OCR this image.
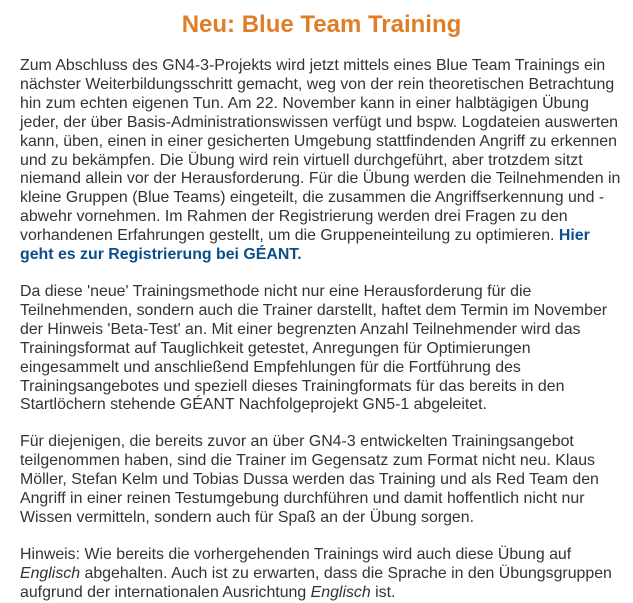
Neu: Blue Team Training

Zum Abschluss des GN4-3-Projekts wird jetzt mittels eines Blue Team Trainings ein nächster Weiterbildungsschritt gemacht, weg von der rein theoretischen Betrachtung hin zum echten eigenen Tun. Am 22. November kann in einer halbtägigen Übung jeder, der über Basis-Administrationswissen verfügt und bspw. Logdateien auswerten kann, üben, einen in einer gesicherten Umgebung stattfindenden Angriff zu erkennen und zu bekämpfen. Die Übung wird rein virtuell durchgeführt, aber trotzdem sitzt niemand allein vor der Herausforderung. Für die Übung werden die Teilnehmenden in kleine Gruppen (Blue Teams) eingeteilt, die zusammen die Angriffserkennung und -abwehr vornehmen. Im Rahmen der Registrierung werden drei Fragen zu den vorhandenen Erfahrungen gestellt, um die Gruppeneinteilung zu optimieren. Hier geht es zur Registrierung bei GÉANT.

Da diese 'neue' Trainingsmethode nicht nur eine Herausforderung für die Teilnehmenden, sondern auch die Trainer darstellt, haftet dem Termin im November der Hinweis 'Beta-Test' an. Mit einer begrenzten Anzahl Teilnehmender wird das Trainingsformat auf Tauglichkeit getestet, Anregungen für Optimierungen eingesammelt und anschließend Empfehlungen für die Fortführung des Trainingsangebotes und speziell dieses Trainingformats für das bereits in den Startlöchern stehende GÉANT Nachfolgeprojekt GN5-1 abgeleitet.

Für diejenigen, die bereits zuvor an über GN4-3 entwickelten Trainingsangebot teilgenommen haben, sind die Trainer im Gegensatz zum Format nicht neu. Klaus Möller, Stefan Kelm und Tobias Dussa werden das Training und als Red Team den Angriff in einer reinen Testumgebung durchführen und damit hoffentlich nicht nur Wissen vermitteln, sondern auch für Spaß an der Übung sorgen.

Hinweis: Wie bereits die vorhergehenden Trainings wird auch diese Übung auf Englisch abgehalten. Auch ist zu erwarten, dass die Sprache in den Übungsgruppen aufgrund der internationalen Ausrichtung Englisch ist.
